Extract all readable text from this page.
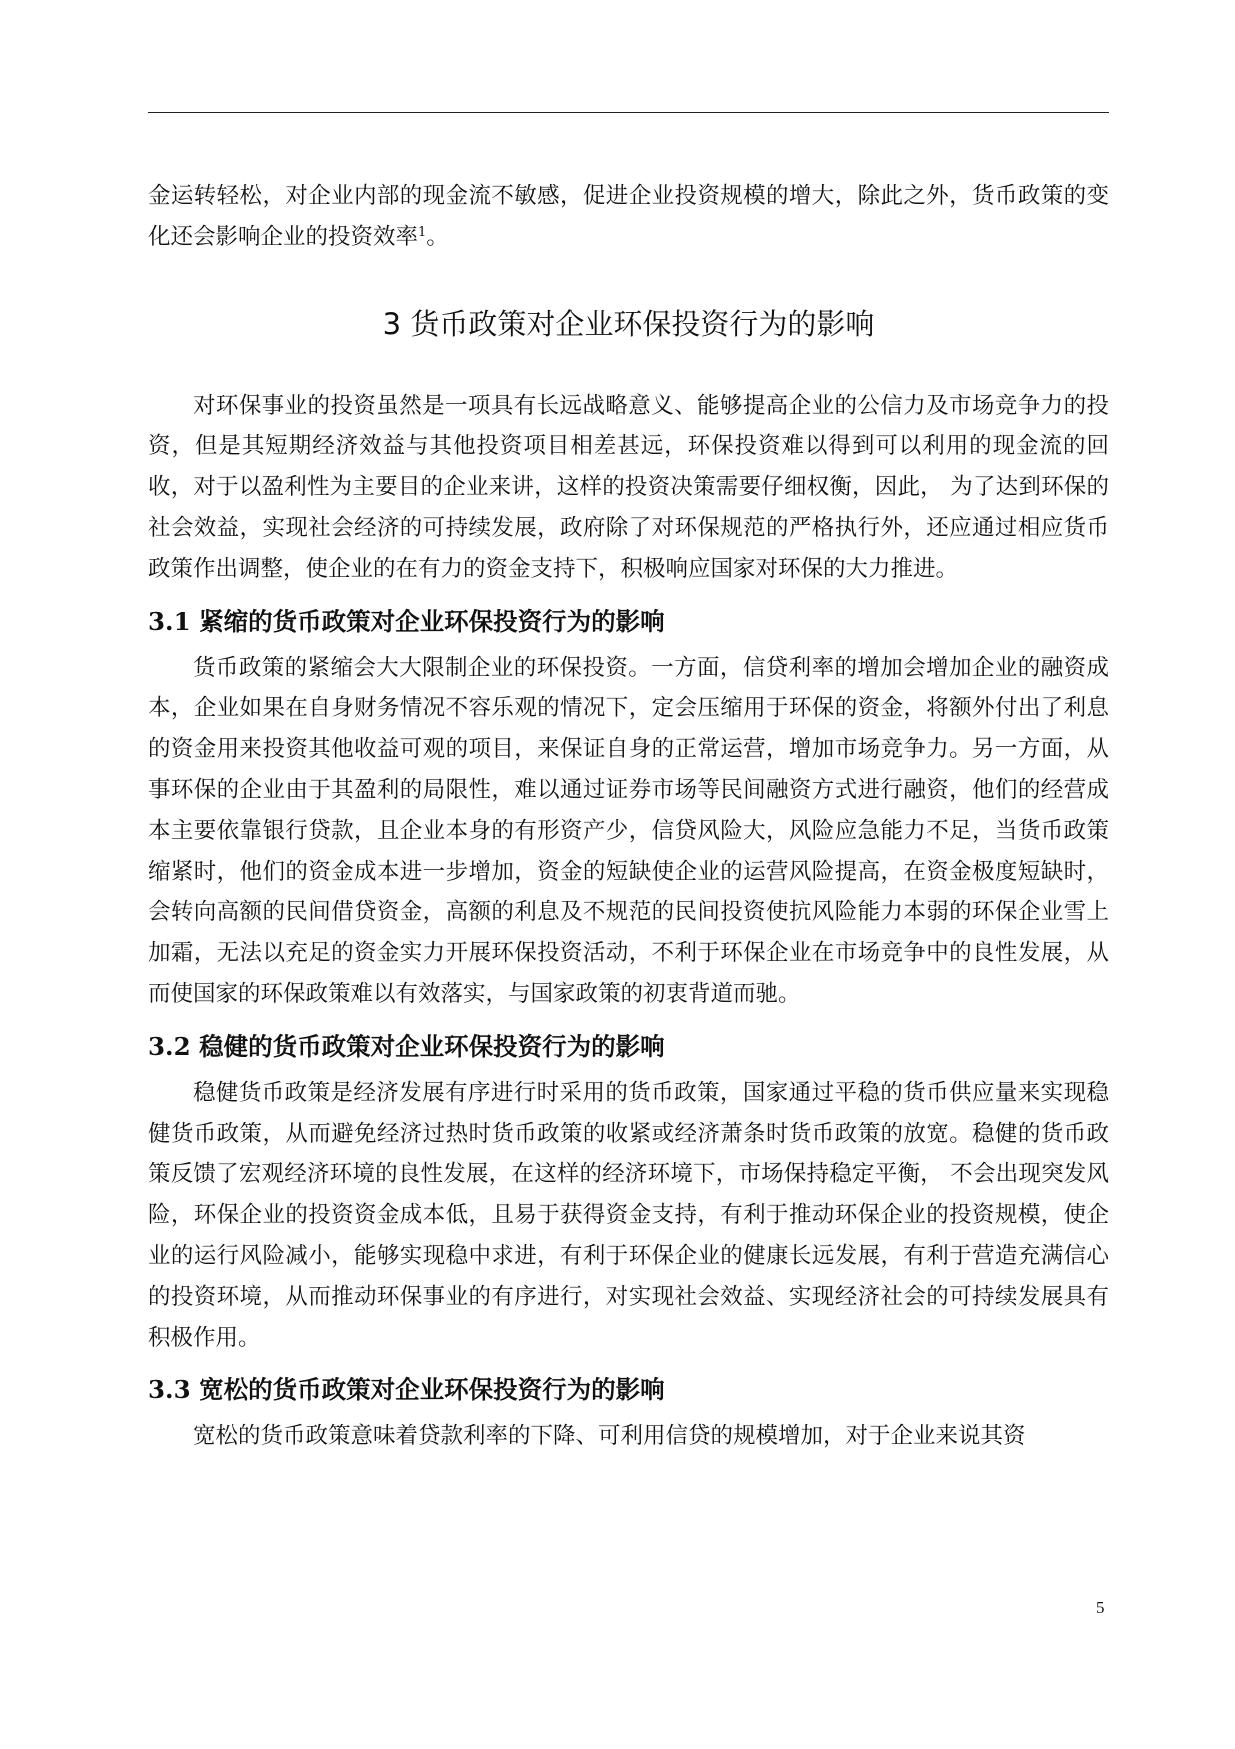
金运转轻松，对企业内部的现金流不敏感，促进企业投资规模的增大，除此之外，货币政策的变化还会影响企业的投资效率$^1$。

3 货币政策对企业环保投资行为的影响

对环保事业的投资虽然是一项具有长远战略意义、能够提高企业的公信力及市场竞争力的投资，但是其短期经济效益与其他投资项目相差甚远，环保投资难以得到可以利用的现金流的回收，对于以盈利性为主要目的企业来讲，这样的投资决策需要仔细权衡，因此， 为了达到环保的社会效益，实现社会经济的可持续发展，政府除了对环保规范的严格执行外，还应通过相应货币政策作出调整，使企业的在有力的资金支持下，积极响应国家对环保的大力推进。

3.1 紧缩的货币政策对企业环保投资行为的影响

货币政策的紧缩会大大限制企业的环保投资。一方面，信贷利率的增加会增加企业的融资成本，企业如果在自身财务情况不容乐观的情况下，定会压缩用于环保的资金，将额外付出了利息的资金用来投资其他收益可观的项目，来保证自身的正常运营，增加市场竞争力。另一方面，从事环保的企业由于其盈利的局限性，难以通过证券市场等民间融资方式进行融资，他们的经营成本主要依靠银行贷款，且企业本身的有形资产少，信贷风险大，风险应急能力不足，当货币政策缩紧时，他们的资金成本进一步增加，资金的短缺使企业的运营风险提高，在资金极度短缺时，会转向高额的民间借贷资金，高额的利息及不规范的民间投资使抗风险能力本弱的环保企业雪上加霜，无法以充足的资金实力开展环保投资活动，不利于环保企业在市场竞争中的良性发展，从而使国家的环保政策难以有效落实，与国家政策的初衷背道而驰。

3.2 稳健的货币政策对企业环保投资行为的影响

稳健货币政策是经济发展有序进行时采用的货币政策，国家通过平稳的货币供应量来实现稳健货币政策，从而避免经济过热时货币政策的收紧或经济萧条时货币政策的放宽。稳健的货币政策反馈了宏观经济环境的良性发展，在这样的经济环境下，市场保持稳定平衡， 不会出现突发风险，环保企业的投资资金成本低，且易于获得资金支持，有利于推动环保企业的投资规模，使企业的运行风险减小，能够实现稳中求进，有利于环保企业的健康长远发展，有利于营造充满信心的投资环境，从而推动环保事业的有序进行，对实现社会效益、实现经济社会的可持续发展具有积极作用。

3.3 宽松的货币政策对企业环保投资行为的影响

宽松的货币政策意味着贷款利率的下降、可利用信贷的规模增加，对于企业来说其资

5
